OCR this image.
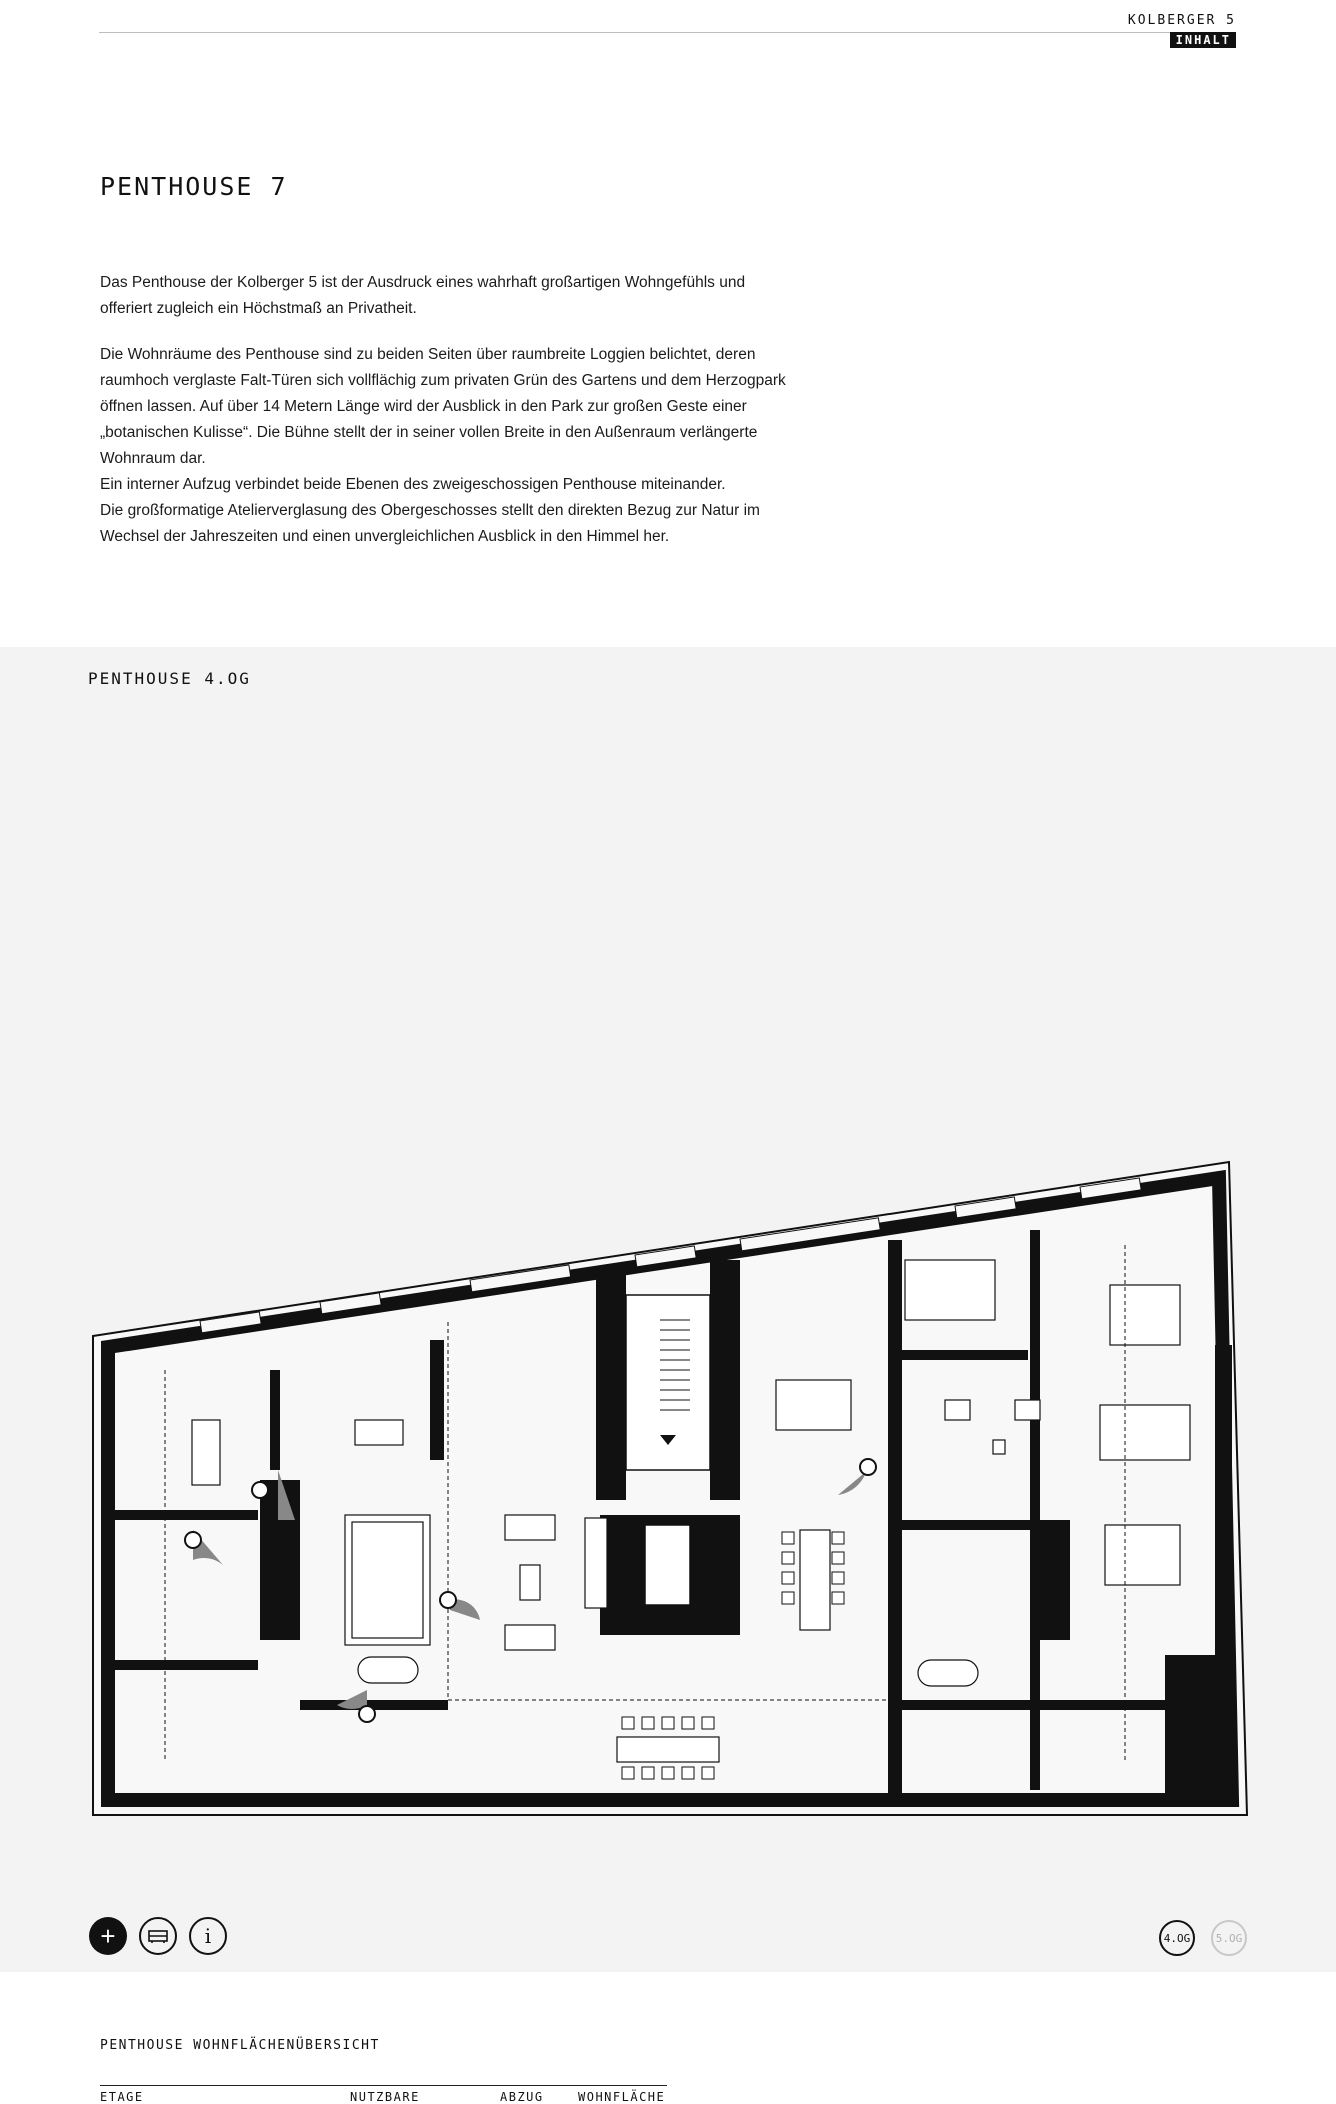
KOLBERGER 5
INHALT
PENTHOUSE 7

Das Penthouse der Kolberger 5 ist der Ausdruck eines wahrhaft großartigen Wohngefühls und
offeriert zugleich ein Höchstmaß an Privatheit.

Die Wohnräume des Penthouse sind zu beiden Seiten über raumbreite Loggien belichtet, deren
raumhoch verglaste Falt-Türen sich vollflächig zum privaten Grün des Gartens und dem Herzogpark
öffnen lassen. Auf über 14 Metern Länge wird der Ausblick in den Park zur großen Geste einer
„botanischen Kulisse“. Die Bühne stellt der in seiner vollen Breite in den Außenraum verlängerte
Wohnraum dar.
Ein interner Aufzug verbindet beide Ebenen des zweigeschossigen Penthouse miteinander.
Die großformatige Atelierverglasung des Obergeschosses stellt den direkten Bezug zur Natur im
Wechsel der Jahreszeiten und einen unvergleichlichen Ausblick in den Himmel her.

PENTHOUSE 4.OG
+	i	4.OG	5.OG
PENTHOUSE WOHNFLÄCHENÜBERSICHT
ETAGE	NUTZBARE	ABZUG	WOHNFLÄCHE
